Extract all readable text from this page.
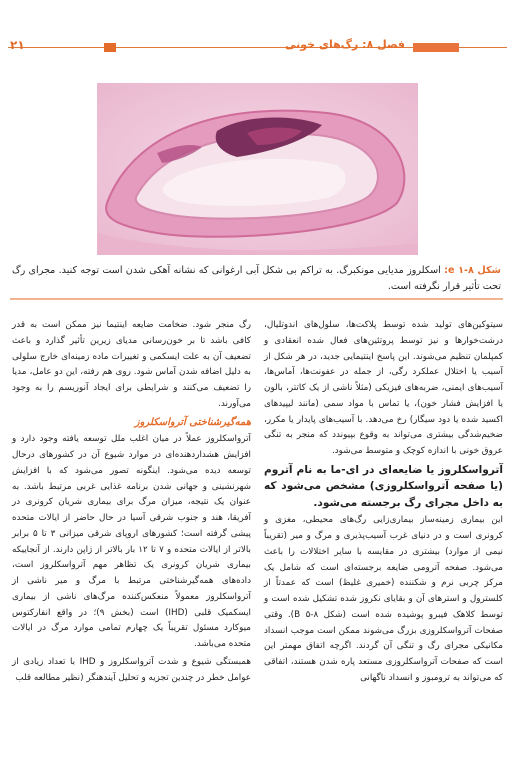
۲۱	فصل ۸: رگ‌های خونی
شکل ۸-۱ e: اسکلروز مدیایی مونکبرگ. به تراکم بی شکل آبی ارغوانی که نشانه آهکی شدن است توجه کنید. مجرای رگ تحت تأثیر قرار نگرفته است.

سیتوکین‌های تولید شده توسط پلاکت‌ها، سلول‌های اندوتلیال، درشت‌خوارها و نیز توسط پروتئین‌های فعال شده انعقادی و کمپلمان تنظیم می‌شوند. این پاسخ اینتیمایی جدید، در هر شکل از آسیب یا اختلال عملکرد رگی، از جمله در عفونت‌ها، آماس‌ها، آسیب‌های ایمنی، ضربه‌های فیزیکی (مثلاً ناشی از یک کاتتر، بالون یا افزایش فشار خون)، یا تماس با مواد سمی (مانند لیپیدهای اکسید شده یا دود سیگار) رخ می‌دهد. با آسیب‌های پایدار یا مکرر، ضخیم‌شدگی بیشتری می‌تواند به وقوع بپیوندد که منجر به تنگی عروق خونی با اندازه کوچک و متوسط می‌شود.

آترواسکلروز یا ضایعه‌ای در ای-ما به نام آتروم (یا صفحه آترواسکلروزی) مشخص می‌شود که به داخل مجرای رگ برجسته می‌شود.

این بیماری زمینه‌ساز بیماری‌زایی رگ‌های محیطی، مغزی و کرونری است و در دنیای غرب آسیب‌پذیری و مرگ و میر (تقریباً نیمی از موارد) بیشتری در مقایسه با سایر اختلالات را باعث می‌شود. صفحه آترومی ضایعه برجسته‌ای است که شامل یک مرکز چربی نرم و شکننده (خمیری غلیظ) است که عمدتاً از کلسترول و استرهای آن و بقایای نکروز شده تشکیل شده است و توسط کلاهک فیبرو پوشیده شده است (شکل ۸-۵ B). وقتی صفحات آترواسکلروزی بزرگ می‌شوند ممکن است موجب انسداد مکانیکی مجرای رگ و تنگی آن گردند. اگرچه اتفاق مهمتر این است که صفحات آترواسکلروزی مستعد پاره شدن هستند، اتفاقی که می‌تواند به ترومبوز و انسداد ناگهانی

رگ منجر شود. ضخامت ضایعه اینتیما نیز ممکن است به قدر کافی باشد تا بر خون‌رسانی مدیای زیرین تأثیر گذارد و باعث تضعیف آن به علت ایسکمی و تغییرات ماده زمینه‌ای خارج سلولی به دلیل اضافه شدن آماس شود. روی هم رفته، این دو عامل، مدیا را تضعیف می‌کنند و شرایطی برای ایجاد آنوریسم را به وجود می‌آورند.

همه‌گیرشناختی آترواسکلروز

آترواسکلروز عملاً در میان اغلب ملل توسعه یافته وجود دارد و افزایش هشداردهنده‌ای در موارد شیوع آن در کشورهای درحال توسعه دیده می‌شود. اینگونه تصور می‌شود که با افزایش شهرنشینی و جهانی شدن برنامه غذایی غربی مرتبط باشد. به عنوان یک نتیجه، میزان مرگ برای بیماری شریان کرونری در آفریقا، هند و جنوب شرقی آسیا در حال حاضر از ایالات متحده پیشی گرفته است؛ کشورهای اروپای شرقی میزانی ۳ تا ۵ برابر بالاتر از ایالات متحده و ۷ تا ۱۲ بار بالاتر از ژاپن دارند. از آنجاییکه بیماری شریان کرونری یک تظاهر مهم آترواسکلروز است، داده‌های همه‌گیرشناختی مرتبط با مرگ و میر ناشی از آترواسکلروز معمولاً منعکس‌کننده مرگ‌های ناشی از بیماری ایسکمیک قلبی (IHD) است (بخش ۹)؛ در واقع انفارکتوس میوکارد مسئول تقریباً یک چهارم تمامی موارد مرگ در ایالات متحده می‌باشد.

همبستگی شیوع و شدت آترواسکلروز و IHD با تعداد زیادی از عوامل خطر در چندین تجزیه و تحلیل آیندهنگر (نظیر مطالعه قلب
